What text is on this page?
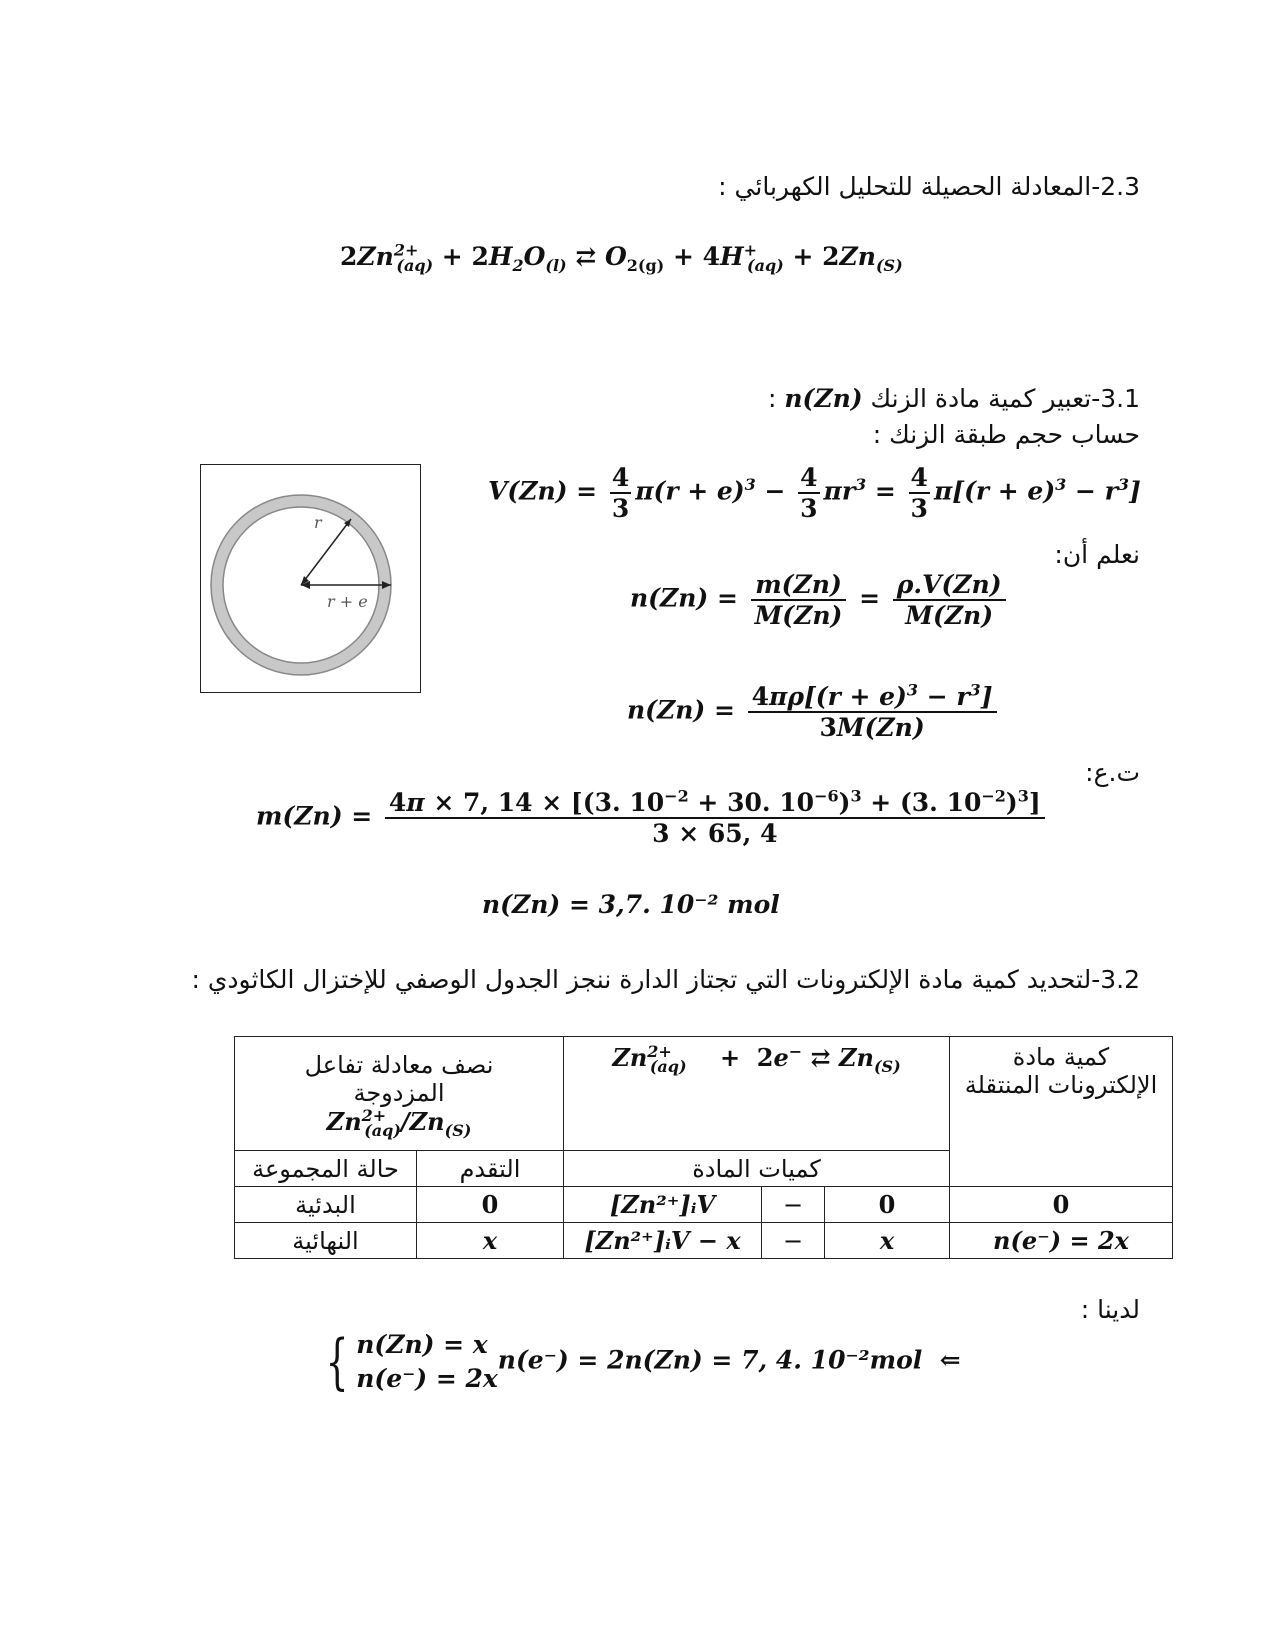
2.3-المعادلة الحصيلة للتحليل الكهربائي :
$2Zn^{2+}_{(aq)} + 2H_2O_{(l)}$ ⇄ $O_{2(g)} + 4H^+_{(aq)} + 2Zn_{(S)}$
3.1-تعبير كمية مادة الزنك n(Zn) :
حساب حجم طبقة الزنك :
r
r + e
$V(Zn) = \frac{4}{3} \pi(r + e)^3 - \frac{4}{3} \pi r^3 = \frac{4}{3} \pi[(r + e)^3 - r^3]$
نعلم أن:
$n(Zn) = \frac{m(Zn)}{M(Zn)} = \frac{\rho.V(Zn)}{M(Zn)}$
$n(Zn) = \frac{4\pi\rho[(r + e)^3 - r^3]}{3M(Zn)}$
ت.ع:
$m(Zn) = \frac{4\pi \times 7, 14 \times [(3. 10^{-2} + 30. 10^{-6})^3 + (3. 10^{-2})^3]}{3 \times 65, 4}$
n(Zn) = 3,7. 10⁻² mol
3.2-لتحديد كمية مادة الإلكترونات التي تجتاز الدارة ننجز الجدول الوصفي للإختزال الكاثودي :
نصف معادلة تفاعل
المزدوجة
$Zn^{2+}_{(aq)}/Zn_{(S)}$		$Zn^{2+}_{(aq)} + 2e^-$ ⇄ $Zn_{(S)}$			كمية مادة الإلكترونات المنتقلة
حالة المجموعة	التقدم	كميات المادة			
البدئية	0	[Zn²⁺]ᵢV	−	0	0
النهائية	x	[Zn²⁺]ᵢV − x	−	x	n(e⁻) = 2x
لدينا :
{ n(Zn) = x
n(e⁻) = 2x
n(e⁻) = 2n(Zn) = 7, 4. 10⁻²mol ⇐
